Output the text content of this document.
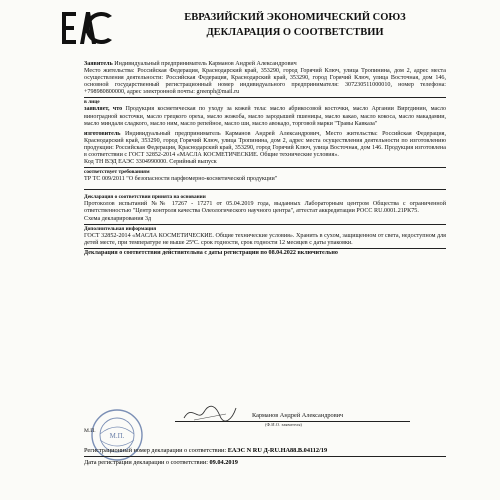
ЕВРАЗИЙСКИЙ ЭКОНОМИЧЕСКИЙ СОЮЗ
ДЕКЛАРАЦИЯ О СООТВЕТСТВИИ

Заявитель Индивидуальный предприниматель Карманов Андрей Александрович

Место жительства: Российская Федерация, Краснодарский край, 353290, город Горячий Ключ, улица Тропинина, дом 2, адрес места осуществления деятельности: Российская Федерация, Краснодарский край, 353290, город Горячий Ключ, улица Восточная, дом 146, основной государственный регистрационный номер индивидуального предпринимателя: 307230511000010, номер телефона: +798980800000, адрес электронной почты: greenph@mail.ru

в лице

заявляет, что Продукция косметическая по уходу за кожей тела: масло абрикосовой косточки, масло Аргании Виргдинин, масло виноградной косточки, масло грецкого ореха, масло жожоба, масло зародышей пшеницы, масло какао, масло кокоса, масло макадамии, масло миндаля сладкого, масло ним, масло репейное, масло ши, масло авокадо, торговой марки "Травы Кавказа"

изготовитель Индивидуальный предприниматель Карманов Андрей Александрович, Место жительства: Российская Федерация, Краснодарский край, 353290, город Горячий Ключ, улица Тропинина, дом 2, адрес места осуществления деятельности по изготовлению продукции: Российская Федерация, Краснодарский край, 353290, город Горячий Ключ, улица Восточная, дом 146. Продукция изготовлена в соответствии с ГОСТ 32852-2014 «МАСЛА КОСМЕТИЧЕСКИЕ. Общие технические условия».

Код ТН ВЭД ЕАЭС 3304990000. Серийный выпуск

соответствует требованиям

ТР ТС 009/2011 "О безопасности парфюмерно-косметической продукции"

Декларация о соответствии принята на основании

Протоколов испытаний №№ 17267 - 17271 от 05.04.2019 года, выданных Лабораторным центром Общества с ограниченной ответственностью "Центр контроля качества Олеологического научного центра", аттестат аккредитации РОСС RU.0001.21РК75.

Схема декларирования 3д

Дополнительная информация

ГОСТ 32852-2014 «МАСЛА КОСМЕТИЧЕСКИЕ. Общие технические условия». Хранить в сухом, защищенном от света, недоступном для детей месте, при температуре не выше 25ºС. срок годности, срок годности 12 месяцев с даты упаковки.

Декларация о соответствии действительна с даты регистрации по 08.04.2022 включительно

М.П.
Карманов Андрей Александрович
(Ф.И.О. заявителя)
М.П.

Регистрационный номер декларации о соответствии: ЕАЭС N RU Д-RU.HA88.B.04112/19

Дата регистрации декларации о соответствии: 09.04.2019
